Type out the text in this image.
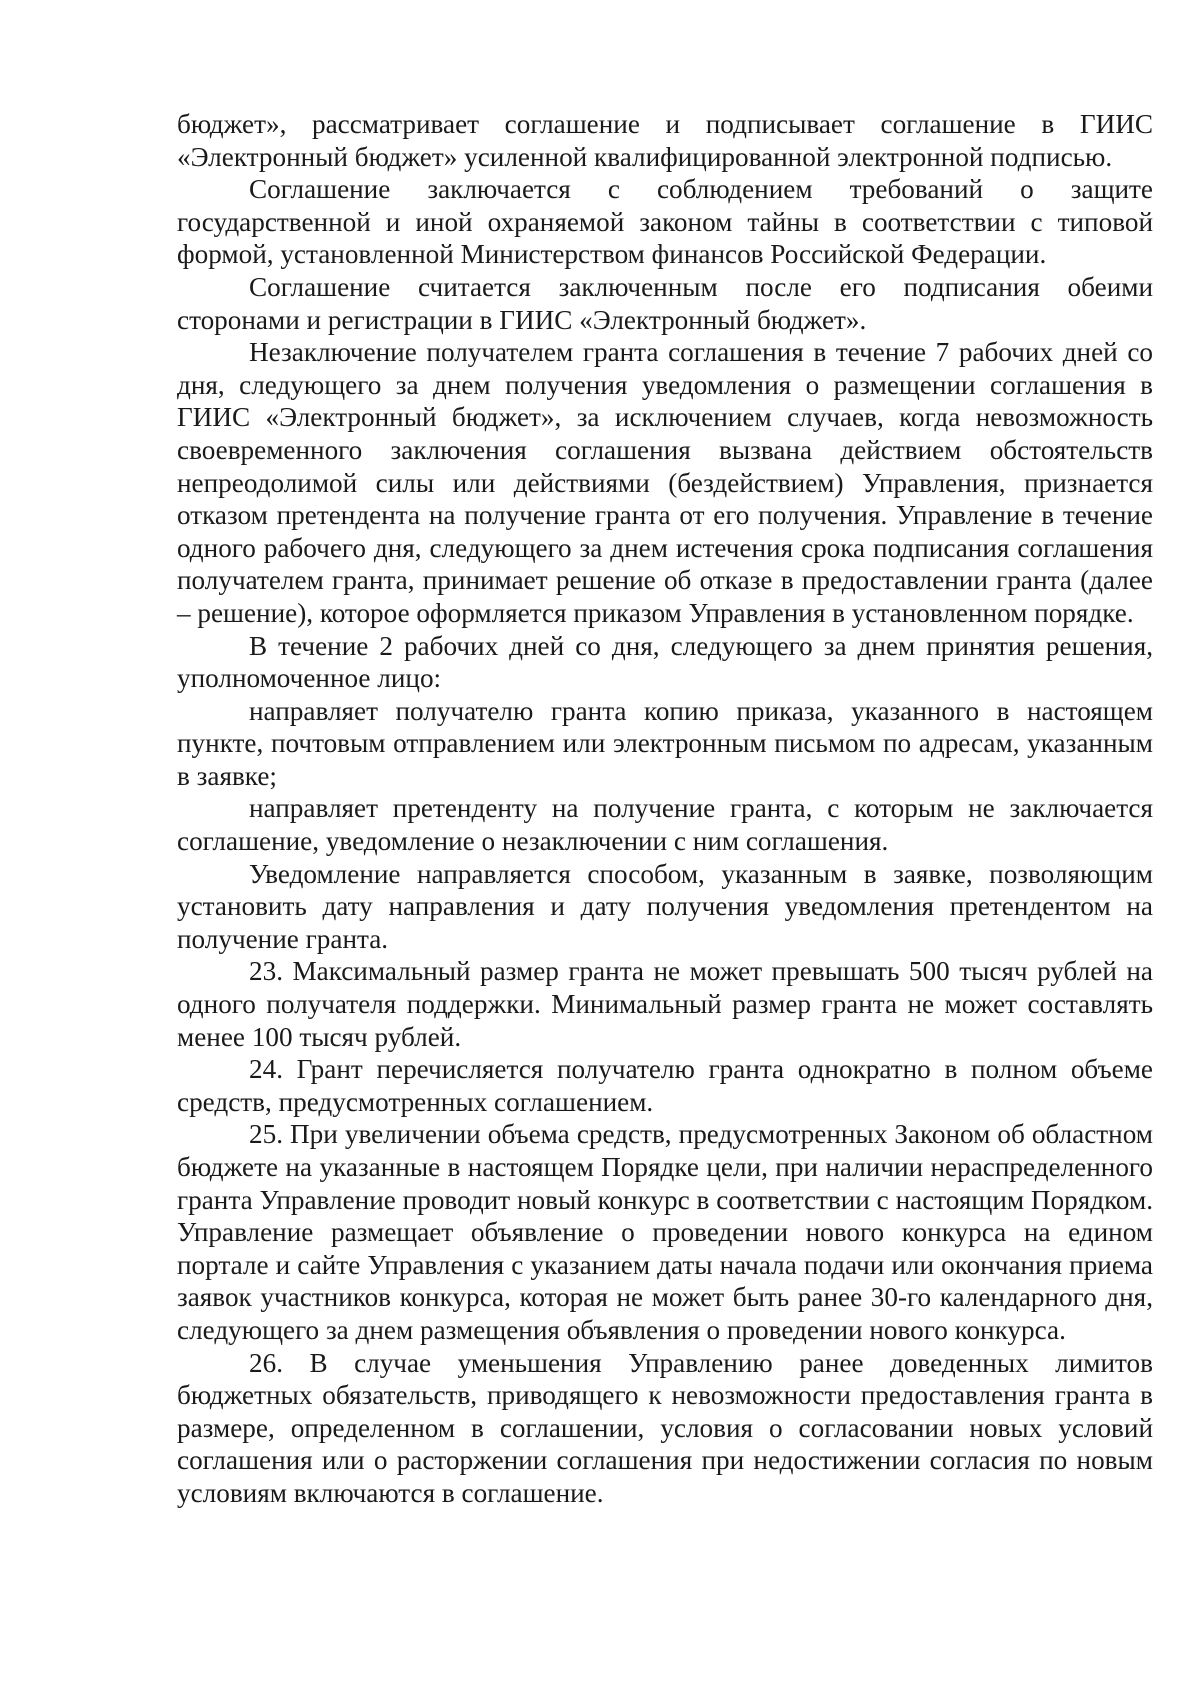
бюджет», рассматривает соглашение и подписывает соглашение в ГИИС «Электронный бюджет» усиленной квалифицированной электронной подписью.

Соглашение заключается с соблюдением требований о защите государственной и иной охраняемой законом тайны в соответствии с типовой формой, установленной Министерством финансов Российской Федерации.

Соглашение считается заключенным после его подписания обеими сторонами и регистрации в ГИИС «Электронный бюджет».

Незаключение получателем гранта соглашения в течение 7 рабочих дней со дня, следующего за днем получения уведомления о размещении соглашения в ГИИС «Электронный бюджет», за исключением случаев, когда невозможность своевременного заключения соглашения вызвана действием обстоятельств непреодолимой силы или действиями (бездействием) Управления, признается отказом претендента на получение гранта от его получения. Управление в течение одного рабочего дня, следующего за днем истечения срока подписания соглашения получателем гранта, принимает решение об отказе в предоставлении гранта (далее – решение), которое оформляется приказом Управления в установленном порядке.

В течение 2 рабочих дней со дня, следующего за днем принятия решения, уполномоченное лицо:

направляет получателю гранта копию приказа, указанного в настоящем пункте, почтовым отправлением или электронным письмом по адресам, указанным в заявке;

направляет претенденту на получение гранта, с которым не заключается соглашение, уведомление о незаключении с ним соглашения.

Уведомление направляется способом, указанным в заявке, позволяющим установить дату направления и дату получения уведомления претендентом на получение гранта.

23. Максимальный размер гранта не может превышать 500 тысяч рублей на одного получателя поддержки. Минимальный размер гранта не может составлять менее 100 тысяч рублей.

24. Грант перечисляется получателю гранта однократно в полном объеме средств, предусмотренных соглашением.

25. При увеличении объема средств, предусмотренных Законом об областном бюджете на указанные в настоящем Порядке цели, при наличии нераспределенного гранта Управление проводит новый конкурс в соответствии с настоящим Порядком. Управление размещает объявление о проведении нового конкурса на едином портале и сайте Управления с указанием даты начала подачи или окончания приема заявок участников конкурса, которая не может быть ранее 30-го календарного дня, следующего за днем размещения объявления о проведении нового конкурса.

26. В случае уменьшения Управлению ранее доведенных лимитов бюджетных обязательств, приводящего к невозможности предоставления гранта в размере, определенном в соглашении, условия о согласовании новых условий соглашения или о расторжении соглашения при недостижении согласия по новым условиям включаются в соглашение.
